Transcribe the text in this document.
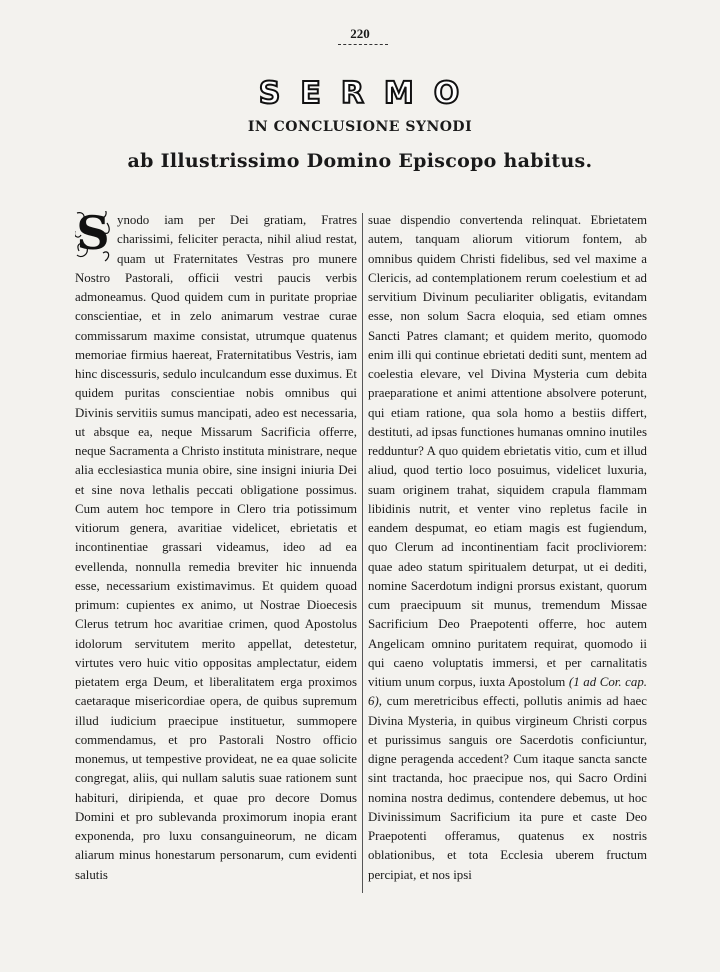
220
SERMO
IN CONCLUSIONE SYNODI
ab Illustrissimo Domino Episcopo habitus.
S ynodo iam per Dei gratiam, Fratres charissimi, feliciter peracta, nihil aliud restat, quam ut Fraternitates Vestras pro munere Nostro Pastorali, officii vestri paucis verbis admoneamus. Quod quidem cum in puritate propriae conscientiae, et in zelo animarum vestrae curae commissarum maxime consistat, utrumque quatenus memoriae firmius haereat, Fraternitatibus Vestris, iam hinc discessuris, sedulo inculcandum esse duximus. Et quidem puritas conscientiae nobis omnibus qui Divinis servitiis sumus mancipati, adeo est necessaria, ut absque ea, neque Missarum Sacrificia offerre, neque Sacramenta a Christo instituta ministrare, neque alia ecclesiastica munia obire, sine insigni iniuria Dei et sine nova lethalis peccati obligatione possimus. Cum autem hoc tempore in Clero tria potissimum vitiorum genera, avaritiae videlicet, ebrietatis et incontinentiae grassari videamus, ideo ad ea evellenda, nonnulla remedia breviter hic innuenda esse, necessarium existimavimus. Et quidem quoad primum: cupientes ex animo, ut Nostrae Dioecesis Clerus tetrum hoc avaritiae crimen, quod Apostolus idolorum servitutem merito appellat, detestetur, virtutes vero huic vitio oppositas amplectatur, eidem pietatem erga Deum, et liberalitatem erga proximos caetaraque misericordiae opera, de quibus supremum illud iudicium praecipue instituetur, summopere commendamus, et pro Pastorali Nostro officio monemus, ut tempestive provideat, ne ea quae solicite congregat, aliis, qui nullam salutis suae rationem sunt habituri, diripienda, et quae pro decore Domus Domini et pro sublevanda proximorum inopia erant exponenda, pro luxu consanguineorum, ne dicam aliarum minus honestarum personarum, cum evidenti salutis
suae dispendio convertenda relinquat. Ebrietatem autem, tanquam aliorum vitiorum fontem, ab omnibus quidem Christi fidelibus, sed vel maxime a Clericis, ad contemplationem rerum coelestium et ad servitium Divinum peculiariter obligatis, evitandam esse, non solum Sacra eloquia, sed etiam omnes Sancti Patres clamant; et quidem merito, quomodo enim illi qui continue ebrietati dediti sunt, mentem ad coelestia elevare, vel Divina Mysteria cum debita praeparatione et animi attentione absolvere poterunt, qui etiam ratione, qua sola homo a bestiis differt, destituti, ad ipsas functiones humanas omnino inutiles redduntur? A quo quidem ebrietatis vitio, cum et illud aliud, quod tertio loco posuimus, videlicet luxuria, suam originem trahat, siquidem crapula flammam libidinis nutrit, et venter vino repletus facile in eandem despumat, eo etiam magis est fugiendum, quo Clerum ad incontinentiam facit procliviorem: quae adeo statum spiritualem deturpat, ut ei dediti, nomine Sacerdotum indigni prorsus existant, quorum cum praecipuum sit munus, tremendum Missae Sacrificium Deo Praepotenti offerre, hoc autem Angelicam omnino puritatem requirat, quomodo ii qui caeno voluptatis immersi, et per carnalitatis vitium unum corpus, iuxta Apostolum (1 ad Cor. cap. 6), cum meretricibus effecti, pollutis animis ad haec Divina Mysteria, in quibus virgineum Christi corpus et purissimus sanguis ore Sacerdotis conficiuntur, digne peragenda accedent? Cum itaque sancta sancte sint tractanda, hoc praecipue nos, qui Sacro Ordini nomina nostra dedimus, contendere debemus, ut hoc Divinissimum Sacrificium ita pure et caste Deo Praepotenti offeramus, quatenus ex nostris oblationibus, et tota Ecclesia uberem fructum percipiat, et nos ipsi
